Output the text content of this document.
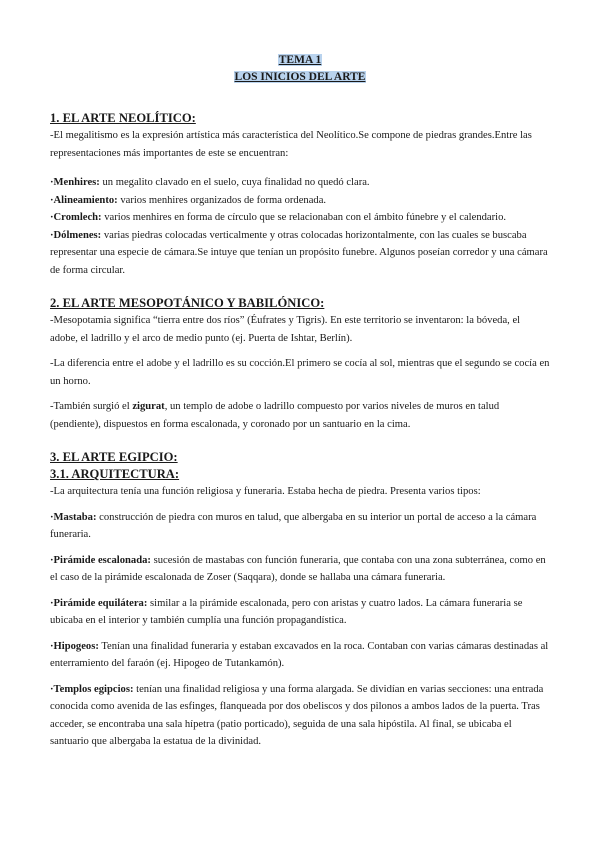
TEMA 1
LOS INICIOS DEL ARTE
1. EL ARTE NEOLÍTICO:

-El megalitismo es la expresión artística más característica del Neolítico.Se compone de piedras grandes.Entre las representaciones más importantes de este se encuentran:

·Menhires: un megalito clavado en el suelo, cuya finalidad no quedó clara.

·Alineamiento: varios menhires organizados de forma ordenada.

·Cromlech: varios menhires en forma de círculo que se relacionaban con el ámbito fúnebre y el calendario.

·Dólmenes: varias piedras colocadas verticalmente y otras colocadas horizontalmente, con las cuales se buscaba representar una especie de cámara.Se intuye que tenían un propósito funebre. Algunos poseían corredor y una cámara de forma circular.

2. EL ARTE MESOPOTÁNICO Y BABILÓNICO:

-Mesopotamia significa “tierra entre dos ríos” (Éufrates y Tigris). En este territorio se inventaron: la bóveda, el adobe, el ladrillo y el arco de medio punto (ej. Puerta de Ishtar, Berlín).

-La diferencia entre el adobe y el ladrillo es su cocción.El primero se cocía al sol, mientras que el segundo se cocía en un horno.

-También surgió el zigurat, un templo de adobe o ladrillo compuesto por varios niveles de muros en talud (pendiente), dispuestos en forma escalonada, y coronado por un santuario en la cima.

3. EL ARTE EGIPCIO:
3.1. ARQUITECTURA:

-La arquitectura tenía una función religiosa y funeraria. Estaba hecha de piedra. Presenta varios tipos:

·Mastaba: construcción de piedra con muros en talud, que albergaba en su interior un portal de acceso a la cámara funeraria.

·Pirámide escalonada: sucesión de mastabas con función funeraria, que contaba con una zona subterránea, como en el caso de la pirámide escalonada de Zoser (Saqqara), donde se hallaba una cámara funeraria.

·Pirámide equilátera: similar a la pirámide escalonada, pero con aristas y cuatro lados. La cámara funeraria se ubicaba en el interior y también cumplía una función propagandística.

·Hipogeos: Tenían una finalidad funeraria y estaban excavados en la roca. Contaban con varias cámaras destinadas al enterramiento del faraón (ej. Hipogeo de Tutankamón).

·Templos egipcios: tenían una finalidad religiosa y una forma alargada. Se dividían en varias secciones: una entrada conocida como avenida de las esfinges, flanqueada por dos obeliscos y dos pilonos a ambos lados de la puerta. Tras acceder, se encontraba una sala hípetra (patio porticado), seguida de una sala hipóstila. Al final, se ubicaba el santuario que albergaba la estatua de la divinidad.
